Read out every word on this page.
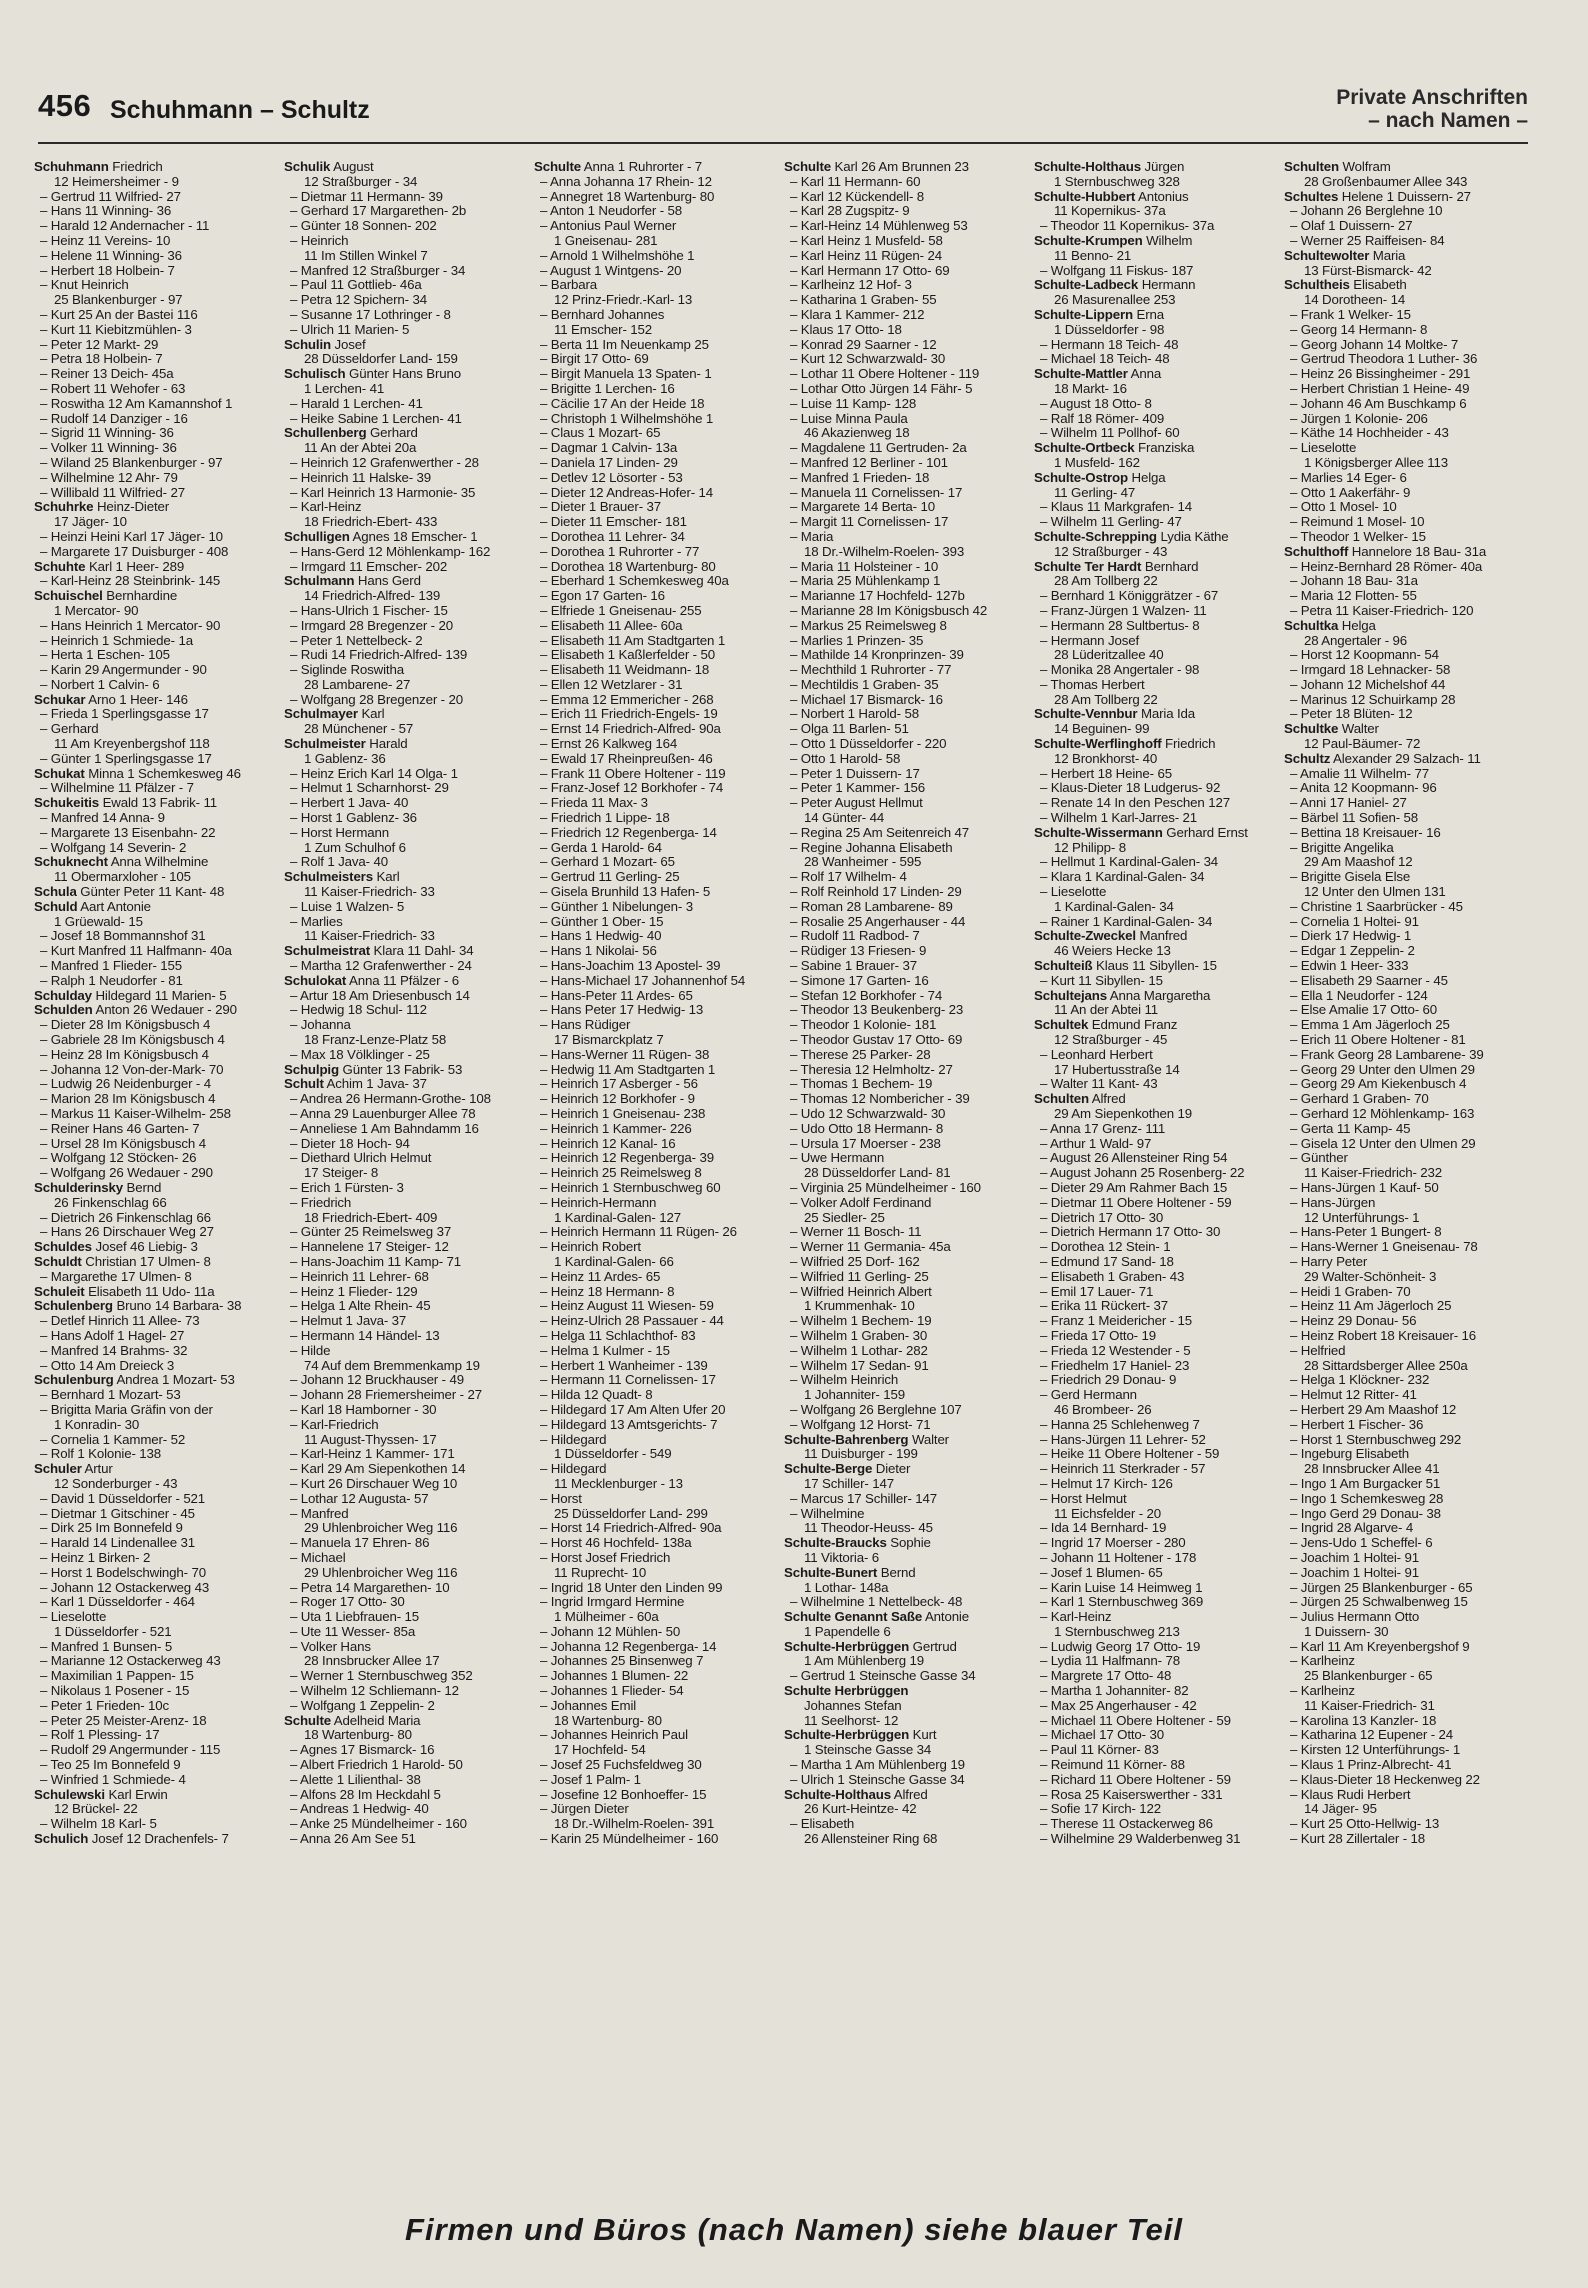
456 Schuhmann – Schultz	Private Anschriften
– nach Namen –
Schuhmann Friedrich
12 Heimersheimer - 9
– Gertrud 11 Wilfried- 27
– Hans 11 Winning- 36
– Harald 12 Andernacher - 11
– Heinz 11 Vereins- 10
– Helene 11 Winning- 36
– Herbert 18 Holbein- 7
– Knut Heinrich
25 Blankenburger - 97
– Kurt 25 An der Bastei 116
– Kurt 11 Kiebitzmühlen- 3
– Peter 12 Markt- 29
– Petra 18 Holbein- 7
– Reiner 13 Deich- 45a
– Robert 11 Wehofer - 63
– Roswitha 12 Am Kamannshof 1
– Rudolf 14 Danziger - 16
– Sigrid 11 Winning- 36
– Volker 11 Winning- 36
– Wiland 25 Blankenburger - 97
– Wilhelmine 12 Ahr- 79
– Willibald 11 Wilfried- 27
Schuhrke Heinz-Dieter
17 Jäger- 10
– Heinzi Heini Karl 17 Jäger- 10
– Margarete 17 Duisburger - 408
Schuhte Karl 1 Heer- 289
– Karl-Heinz 28 Steinbrink- 145
Schuischel Bernhardine
1 Mercator- 90
– Hans Heinrich 1 Mercator- 90
– Heinrich 1 Schmiede- 1a
– Herta 1 Eschen- 105
– Karin 29 Angermunder - 90
– Norbert 1 Calvin- 6
Schukar Arno 1 Heer- 146
– Frieda 1 Sperlingsgasse 17
– Gerhard
11 Am Kreyenbergshof 118
– Günter 1 Sperlingsgasse 17
Schukat Minna 1 Schemkesweg 46
– Wilhelmine 11 Pfälzer - 7
Schukeitis Ewald 13 Fabrik- 11
– Manfred 14 Anna- 9
– Margarete 13 Eisenbahn- 22
– Wolfgang 14 Severin- 2
Schuknecht Anna Wilhelmine
11 Obermarxloher - 105
Schula Günter Peter 11 Kant- 48
Schuld Aart Antonie
1 Grüewald- 15
– Josef 18 Bommannshof 31
– Kurt Manfred 11 Halfmann- 40a
– Manfred 1 Flieder- 155
– Ralph 1 Neudorfer - 81
Schulday Hildegard 11 Marien- 5
Schulden Anton 26 Wedauer - 290
– Dieter 28 Im Königsbusch 4
– Gabriele 28 Im Königsbusch 4
– Heinz 28 Im Königsbusch 4
– Johanna 12 Von-der-Mark- 70
– Ludwig 26 Neidenburger - 4
– Marion 28 Im Königsbusch 4
– Markus 11 Kaiser-Wilhelm- 258
– Reiner Hans 46 Garten- 7
– Ursel 28 Im Königsbusch 4
– Wolfgang 12 Stöcken- 26
– Wolfgang 26 Wedauer - 290
Schulderinsky Bernd
26 Finkenschlag 66
– Dietrich 26 Finkenschlag 66
– Hans 26 Dirschauer Weg 27
Schuldes Josef 46 Liebig- 3
Schuldt Christian 17 Ulmen- 8
– Margarethe 17 Ulmen- 8
Schuleit Elisabeth 11 Udo- 11a
Schulenberg Bruno 14 Barbara- 38
– Detlef Hinrich 11 Allee- 73
– Hans Adolf 1 Hagel- 27
– Manfred 14 Brahms- 32
– Otto 14 Am Dreieck 3
Schulenburg Andrea 1 Mozart- 53
– Bernhard 1 Mozart- 53
– Brigitta Maria Gräfin von der
1 Konradin- 30
– Cornelia 1 Kammer- 52
– Rolf 1 Kolonie- 138
Schuler Artur
12 Sonderburger - 43
– David 1 Düsseldorfer - 521
– Dietmar 1 Gitschiner - 45
– Dirk 25 Im Bonnefeld 9
– Harald 14 Lindenallee 31
– Heinz 1 Birken- 2
– Horst 1 Bodelschwingh- 70
– Johann 12 Ostackerweg 43
– Karl 1 Düsseldorfer - 464
– Lieselotte
1 Düsseldorfer - 521
– Manfred 1 Bunsen- 5
– Marianne 12 Ostackerweg 43
– Maximilian 1 Pappen- 15
– Nikolaus 1 Posener - 15
– Peter 1 Frieden- 10c
– Peter 25 Meister-Arenz- 18
– Rolf 1 Plessing- 17
– Rudolf 29 Angermunder - 115
– Teo 25 Im Bonnefeld 9
– Winfried 1 Schmiede- 4
Schulewski Karl Erwin
12 Brückel- 22
– Wilhelm 18 Karl- 5
Schulich Josef 12 Drachenfels- 7
Schulik August
12 Straßburger - 34
– Dietmar 11 Hermann- 39
– Gerhard 17 Margarethen- 2b
– Günter 18 Sonnen- 202
– Heinrich
11 Im Stillen Winkel 7
– Manfred 12 Straßburger - 34
– Paul 11 Gottlieb- 46a
– Petra 12 Spichern- 34
– Susanne 17 Lothringer - 8
– Ulrich 11 Marien- 5
Schulin Josef
28 Düsseldorfer Land- 159
Schulisch Günter Hans Bruno
1 Lerchen- 41
– Harald 1 Lerchen- 41
– Heike Sabine 1 Lerchen- 41
Schullenberg Gerhard
11 An der Abtei 20a
– Heinrich 12 Grafenwerther - 28
– Heinrich 11 Halske- 39
– Karl Heinrich 13 Harmonie- 35
– Karl-Heinz
18 Friedrich-Ebert- 433
Schulligen Agnes 18 Emscher- 1
– Hans-Gerd 12 Möhlenkamp- 162
– Irmgard 11 Emscher- 202
Schulmann Hans Gerd
14 Friedrich-Alfred- 139
– Hans-Ulrich 1 Fischer- 15
– Irmgard 28 Bregenzer - 20
– Peter 1 Nettelbeck- 2
– Rudi 14 Friedrich-Alfred- 139
– Siglinde Roswitha
28 Lambarene- 27
– Wolfgang 28 Bregenzer - 20
Schulmayer Karl
28 Münchener - 57
Schulmeister Harald
1 Gablenz- 36
– Heinz Erich Karl 14 Olga- 1
– Helmut 1 Scharnhorst- 29
– Herbert 1 Java- 40
– Horst 1 Gablenz- 36
– Horst Hermann
1 Zum Schulhof 6
– Rolf 1 Java- 40
Schulmeisters Karl
11 Kaiser-Friedrich- 33
– Luise 1 Walzen- 5
– Marlies
11 Kaiser-Friedrich- 33
Schulmeistrat Klara 11 Dahl- 34
– Martha 12 Grafenwerther - 24
Schulokat Anna 11 Pfälzer - 6
– Artur 18 Am Driesenbusch 14
– Hedwig 18 Schul- 112
– Johanna
18 Franz-Lenze-Platz 58
– Max 18 Völklinger - 25
Schulpig Günter 13 Fabrik- 53
Schult Achim 1 Java- 37
– Andrea 26 Hermann-Grothe- 108
– Anna 29 Lauenburger Allee 78
– Anneliese 1 Am Bahndamm 16
– Dieter 18 Hoch- 94
– Diethard Ulrich Helmut
17 Steiger- 8
– Erich 1 Fürsten- 3
– Friedrich
18 Friedrich-Ebert- 409
– Günter 25 Reimelsweg 37
– Hannelene 17 Steiger- 12
– Hans-Joachim 11 Kamp- 71
– Heinrich 11 Lehrer- 68
– Heinz 1 Flieder- 129
– Helga 1 Alte Rhein- 45
– Helmut 1 Java- 37
– Hermann 14 Händel- 13
– Hilde
74 Auf dem Bremmenkamp 19
– Johann 12 Bruckhauser - 49
– Johann 28 Friemersheimer - 27
– Karl 18 Hamborner - 30
– Karl-Friedrich
11 August-Thyssen- 17
– Karl-Heinz 1 Kammer- 171
– Karl 29 Am Siepenkothen 14
– Kurt 26 Dirschauer Weg 10
– Lothar 12 Augusta- 57
– Manfred
29 Uhlenbroicher Weg 116
– Manuela 17 Ehren- 86
– Michael
29 Uhlenbroicher Weg 116
– Petra 14 Margarethen- 10
– Roger 17 Otto- 30
– Uta 1 Liebfrauen- 15
– Ute 11 Wesser- 85a
– Volker Hans
28 Innsbrucker Allee 17
– Werner 1 Sternbuschweg 352
– Wilhelm 12 Schliemann- 12
– Wolfgang 1 Zeppelin- 2
Schulte Adelheid Maria
18 Wartenburg- 80
– Agnes 17 Bismarck- 16
– Albert Friedrich 1 Harold- 50
– Alette 1 Lilienthal- 38
– Alfons 28 Im Heckdahl 5
– Andreas 1 Hedwig- 40
– Anke 25 Mündelheimer - 160
– Anna 26 Am See 51
Schulte Anna 1 Ruhrorter - 7
– Anna Johanna 17 Rhein- 12
– Annegret 18 Wartenburg- 80
– Anton 1 Neudorfer - 58
– Antonius Paul Werner
1 Gneisenau- 281
– Arnold 1 Wilhelmshöhe 1
– August 1 Wintgens- 20
– Barbara
12 Prinz-Friedr.-Karl- 13
– Bernhard Johannes
11 Emscher- 152
– Berta 11 Im Neuenkamp 25
– Birgit 17 Otto- 69
– Birgit Manuela 13 Spaten- 1
– Brigitte 1 Lerchen- 16
– Cäcilie 17 An der Heide 18
– Christoph 1 Wilhelmshöhe 1
– Claus 1 Mozart- 65
– Dagmar 1 Calvin- 13a
– Daniela 17 Linden- 29
– Detlev 12 Lösorter - 53
– Dieter 12 Andreas-Hofer- 14
– Dieter 1 Brauer- 37
– Dieter 11 Emscher- 181
– Dorothea 11 Lehrer- 34
– Dorothea 1 Ruhrorter - 77
– Dorothea 18 Wartenburg- 80
– Eberhard 1 Schemkesweg 40a
– Egon 17 Garten- 16
– Elfriede 1 Gneisenau- 255
– Elisabeth 11 Allee- 60a
– Elisabeth 11 Am Stadtgarten 1
– Elisabeth 1 Kaßlerfelder - 50
– Elisabeth 11 Weidmann- 18
– Ellen 12 Wetzlarer - 31
– Emma 12 Emmericher - 268
– Erich 11 Friedrich-Engels- 19
– Ernst 14 Friedrich-Alfred- 90a
– Ernst 26 Kalkweg 164
– Ewald 17 Rheinpreußen- 46
– Frank 11 Obere Holtener - 119
– Franz-Josef 12 Borkhofer - 74
– Frieda 11 Max- 3
– Friedrich 1 Lippe- 18
– Friedrich 12 Regenberga- 14
– Gerda 1 Harold- 64
– Gerhard 1 Mozart- 65
– Gertrud 11 Gerling- 25
– Gisela Brunhild 13 Hafen- 5
– Günther 1 Nibelungen- 3
– Günther 1 Ober- 15
– Hans 1 Hedwig- 40
– Hans 1 Nikolai- 56
– Hans-Joachim 13 Apostel- 39
– Hans-Michael 17 Johannenhof 54
– Hans-Peter 11 Ardes- 65
– Hans Peter 17 Hedwig- 13
– Hans Rüdiger
17 Bismarckplatz 7
– Hans-Werner 11 Rügen- 38
– Hedwig 11 Am Stadtgarten 1
– Heinrich 17 Asberger - 56
– Heinrich 12 Borkhofer - 9
– Heinrich 1 Gneisenau- 238
– Heinrich 1 Kammer- 226
– Heinrich 12 Kanal- 16
– Heinrich 12 Regenberga- 39
– Heinrich 25 Reimelsweg 8
– Heinrich 1 Sternbuschweg 60
– Heinrich-Hermann
1 Kardinal-Galen- 127
– Heinrich Hermann 11 Rügen- 26
– Heinrich Robert
1 Kardinal-Galen- 66
– Heinz 11 Ardes- 65
– Heinz 18 Hermann- 8
– Heinz August 11 Wiesen- 59
– Heinz-Ulrich 28 Passauer - 44
– Helga 11 Schlachthof- 83
– Helma 1 Kulmer - 15
– Herbert 1 Wanheimer - 139
– Hermann 11 Cornelissen- 17
– Hilda 12 Quadt- 8
– Hildegard 17 Am Alten Ufer 20
– Hildegard 13 Amtsgerichts- 7
– Hildegard
1 Düsseldorfer - 549
– Hildegard
11 Mecklenburger - 13
– Horst
25 Düsseldorfer Land- 299
– Horst 14 Friedrich-Alfred- 90a
– Horst 46 Hochfeld- 138a
– Horst Josef Friedrich
11 Ruprecht- 10
– Ingrid 18 Unter den Linden 99
– Ingrid Irmgard Hermine
1 Mülheimer - 60a
– Johann 12 Mühlen- 50
– Johanna 12 Regenberga- 14
– Johannes 25 Binsenweg 7
– Johannes 1 Blumen- 22
– Johannes 1 Flieder- 54
– Johannes Emil
18 Wartenburg- 80
– Johannes Heinrich Paul
17 Hochfeld- 54
– Josef 25 Fuchsfeldweg 30
– Josef 1 Palm- 1
– Josefine 12 Bonhoeffer- 15
– Jürgen Dieter
18 Dr.-Wilhelm-Roelen- 391
– Karin 25 Mündelheimer - 160
Schulte Karl 26 Am Brunnen 23
– Karl 11 Hermann- 60
– Karl 12 Kückendell- 8
– Karl 28 Zugspitz- 9
– Karl-Heinz 14 Mühlenweg 53
– Karl Heinz 1 Musfeld- 58
– Karl Heinz 11 Rügen- 24
– Karl Hermann 17 Otto- 69
– Karlheinz 12 Hof- 3
– Katharina 1 Graben- 55
– Klara 1 Kammer- 212
– Klaus 17 Otto- 18
– Konrad 29 Saarner - 12
– Kurt 12 Schwarzwald- 30
– Lothar 11 Obere Holtener - 119
– Lothar Otto Jürgen 14 Fähr- 5
– Luise 11 Kamp- 128
– Luise Minna Paula
46 Akazienweg 18
– Magdalene 11 Gertruden- 2a
– Manfred 12 Berliner - 101
– Manfred 1 Frieden- 18
– Manuela 11 Cornelissen- 17
– Margarete 14 Berta- 10
– Margit 11 Cornelissen- 17
– Maria
18 Dr.-Wilhelm-Roelen- 393
– Maria 11 Holsteiner - 10
– Maria 25 Mühlenkamp 1
– Marianne 17 Hochfeld- 127b
– Marianne 28 Im Königsbusch 42
– Markus 25 Reimelsweg 8
– Marlies 1 Prinzen- 35
– Mathilde 14 Kronprinzen- 39
– Mechthild 1 Ruhrorter - 77
– Mechtildis 1 Graben- 35
– Michael 17 Bismarck- 16
– Norbert 1 Harold- 58
– Olga 11 Barlen- 51
– Otto 1 Düsseldorfer - 220
– Otto 1 Harold- 58
– Peter 1 Duissern- 17
– Peter 1 Kammer- 156
– Peter August Hellmut
14 Günter- 44
– Regina 25 Am Seitenreich 47
– Regine Johanna Elisabeth
28 Wanheimer - 595
– Rolf 17 Wilhelm- 4
– Rolf Reinhold 17 Linden- 29
– Roman 28 Lambarene- 89
– Rosalie 25 Angerhauser - 44
– Rudolf 11 Radbod- 7
– Rüdiger 13 Friesen- 9
– Sabine 1 Brauer- 37
– Simone 17 Garten- 16
– Stefan 12 Borkhofer - 74
– Theodor 13 Beukenberg- 23
– Theodor 1 Kolonie- 181
– Theodor Gustav 17 Otto- 69
– Therese 25 Parker- 28
– Theresia 12 Helmholtz- 27
– Thomas 1 Bechem- 19
– Thomas 12 Nombericher - 39
– Udo 12 Schwarzwald- 30
– Udo Otto 18 Hermann- 8
– Ursula 17 Moerser - 238
– Uwe Hermann
28 Düsseldorfer Land- 81
– Virginia 25 Mündelheimer - 160
– Volker Adolf Ferdinand
25 Siedler- 25
– Werner 11 Bosch- 11
– Werner 11 Germania- 45a
– Wilfried 25 Dorf- 162
– Wilfried 11 Gerling- 25
– Wilfried Heinrich Albert
1 Krummenhak- 10
– Wilhelm 1 Bechem- 19
– Wilhelm 1 Graben- 30
– Wilhelm 1 Lothar- 282
– Wilhelm 17 Sedan- 91
– Wilhelm Heinrich
1 Johanniter- 159
– Wolfgang 26 Berglehne 107
– Wolfgang 12 Horst- 71
Schulte-Bahrenberg Walter
11 Duisburger - 199
Schulte-Berge Dieter
17 Schiller- 147
– Marcus 17 Schiller- 147
– Wilhelmine
11 Theodor-Heuss- 45
Schulte-Braucks Sophie
11 Viktoria- 6
Schulte-Bunert Bernd
1 Lothar- 148a
– Wilhelmine 1 Nettelbeck- 48
Schulte Genannt Saße Antonie
1 Papendelle 6
Schulte-Herbrüggen Gertrud
1 Am Mühlenberg 19
– Gertrud 1 Steinsche Gasse 34
Schulte Herbrüggen
Johannes Stefan
11 Seelhorst- 12
Schulte-Herbrüggen Kurt
1 Steinsche Gasse 34
– Martha 1 Am Mühlenberg 19
– Ulrich 1 Steinsche Gasse 34
Schulte-Holthaus Alfred
26 Kurt-Heintze- 42
– Elisabeth
26 Allensteiner Ring 68
Schulte-Holthaus Jürgen
1 Sternbuschweg 328
Schulte-Hubbert Antonius
11 Kopernikus- 37a
– Theodor 11 Kopernikus- 37a
Schulte-Krumpen Wilhelm
11 Benno- 21
– Wolfgang 11 Fiskus- 187
Schulte-Ladbeck Hermann
26 Masurenallee 253
Schulte-Lippern Erna
1 Düsseldorfer - 98
– Hermann 18 Teich- 48
– Michael 18 Teich- 48
Schulte-Mattler Anna
18 Markt- 16
– August 18 Otto- 8
– Ralf 18 Römer- 409
– Wilhelm 11 Pollhof- 60
Schulte-Ortbeck Franziska
1 Musfeld- 162
Schulte-Ostrop Helga
11 Gerling- 47
– Klaus 11 Markgrafen- 14
– Wilhelm 11 Gerling- 47
Schulte-Schrepping Lydia Käthe
12 Straßburger - 43
Schulte Ter Hardt Bernhard
28 Am Tollberg 22
– Bernhard 1 Königgrätzer - 67
– Franz-Jürgen 1 Walzen- 11
– Hermann 28 Sultbertus- 8
– Hermann Josef
28 Lüderitzallee 40
– Monika 28 Angertaler - 98
– Thomas Herbert
28 Am Tollberg 22
Schulte-Vennbur Maria Ida
14 Beguinen- 99
Schulte-Werflinghoff Friedrich
12 Bronkhorst- 40
– Herbert 18 Heine- 65
– Klaus-Dieter 18 Ludgerus- 92
– Renate 14 In den Peschen 127
– Wilhelm 1 Karl-Jarres- 21
Schulte-Wissermann Gerhard Ernst
12 Philipp- 8
– Hellmut 1 Kardinal-Galen- 34
– Klara 1 Kardinal-Galen- 34
– Lieselotte
1 Kardinal-Galen- 34
– Rainer 1 Kardinal-Galen- 34
Schulte-Zweckel Manfred
46 Weiers Hecke 13
Schulteiß Klaus 11 Sibyllen- 15
– Kurt 11 Sibyllen- 15
Schultejans Anna Margaretha
11 An der Abtei 11
Schultek Edmund Franz
12 Straßburger - 45
– Leonhard Herbert
17 Hubertusstraße 14
– Walter 11 Kant- 43
Schulten Alfred
29 Am Siepenkothen 19
– Anna 17 Grenz- 111
– Arthur 1 Wald- 97
– August 26 Allensteiner Ring 54
– August Johann 25 Rosenberg- 22
– Dieter 29 Am Rahmer Bach 15
– Dietmar 11 Obere Holtener - 59
– Dietrich 17 Otto- 30
– Dietrich Hermann 17 Otto- 30
– Dorothea 12 Stein- 1
– Edmund 17 Sand- 18
– Elisabeth 1 Graben- 43
– Emil 17 Lauer- 71
– Erika 11 Rückert- 37
– Franz 1 Meidericher - 15
– Frieda 17 Otto- 19
– Frieda 12 Westender - 5
– Friedhelm 17 Haniel- 23
– Friedrich 29 Donau- 9
– Gerd Hermann
46 Brombeer- 26
– Hanna 25 Schlehenweg 7
– Hans-Jürgen 11 Lehrer- 52
– Heike 11 Obere Holtener - 59
– Heinrich 11 Sterkrader - 57
– Helmut 17 Kirch- 126
– Horst Helmut
11 Eichsfelder - 20
– Ida 14 Bernhard- 19
– Ingrid 17 Moerser - 280
– Johann 11 Holtener - 178
– Josef 1 Blumen- 65
– Karin Luise 14 Heimweg 1
– Karl 1 Sternbuschweg 369
– Karl-Heinz
1 Sternbuschweg 213
– Ludwig Georg 17 Otto- 19
– Lydia 11 Halfmann- 78
– Margrete 17 Otto- 48
– Martha 1 Johanniter- 82
– Max 25 Angerhauser - 42
– Michael 11 Obere Holtener - 59
– Michael 17 Otto- 30
– Paul 11 Körner- 83
– Reimund 11 Körner- 88
– Richard 11 Obere Holtener - 59
– Rosa 25 Kaiserswerther - 331
– Sofie 17 Kirch- 122
– Therese 11 Ostackerweg 86
– Wilhelmine 29 Walderbenweg 31
Schulten Wolfram
28 Großenbaumer Allee 343
Schultes Helene 1 Duissern- 27
– Johann 26 Berglehne 10
– Olaf 1 Duissern- 27
– Werner 25 Raiffeisen- 84
Schultewolter Maria
13 Fürst-Bismarck- 42
Schultheis Elisabeth
14 Dorotheen- 14
– Frank 1 Welker- 15
– Georg 14 Hermann- 8
– Georg Johann 14 Moltke- 7
– Gertrud Theodora 1 Luther- 36
– Heinz 26 Bissingheimer - 291
– Herbert Christian 1 Heine- 49
– Johann 46 Am Buschkamp 6
– Jürgen 1 Kolonie- 206
– Käthe 14 Hochheider - 43
– Lieselotte
1 Königsberger Allee 113
– Marlies 14 Eger- 6
– Otto 1 Aakerfähr- 9
– Otto 1 Mosel- 10
– Reimund 1 Mosel- 10
– Theodor 1 Welker- 15
Schulthoff Hannelore 18 Bau- 31a
– Heinz-Bernhard 28 Römer- 40a
– Johann 18 Bau- 31a
– Maria 12 Flotten- 55
– Petra 11 Kaiser-Friedrich- 120
Schultka Helga
28 Angertaler - 96
– Horst 12 Koopmann- 54
– Irmgard 18 Lehnacker- 58
– Johann 12 Michelshof 44
– Marinus 12 Schuirkamp 28
– Peter 18 Blüten- 12
Schultke Walter
12 Paul-Bäumer- 72
Schultz Alexander 29 Salzach- 11
– Amalie 11 Wilhelm- 77
– Anita 12 Koopmann- 96
– Anni 17 Haniel- 27
– Bärbel 11 Sofien- 58
– Bettina 18 Kreisauer- 16
– Brigitte Angelika
29 Am Maashof 12
– Brigitte Gisela Else
12 Unter den Ulmen 131
– Christine 1 Saarbrücker - 45
– Cornelia 1 Holtei- 91
– Dierk 17 Hedwig- 1
– Edgar 1 Zeppelin- 2
– Edwin 1 Heer- 333
– Elisabeth 29 Saarner - 45
– Ella 1 Neudorfer - 124
– Else Amalie 17 Otto- 60
– Emma 1 Am Jägerloch 25
– Erich 11 Obere Holtener - 81
– Frank Georg 28 Lambarene- 39
– Georg 29 Unter den Ulmen 29
– Georg 29 Am Kiekenbusch 4
– Gerhard 1 Graben- 70
– Gerhard 12 Möhlenkamp- 163
– Gerta 11 Kamp- 45
– Gisela 12 Unter den Ulmen 29
– Günther
11 Kaiser-Friedrich- 232
– Hans-Jürgen 1 Kauf- 50
– Hans-Jürgen
12 Unterführungs- 1
– Hans-Peter 1 Bungert- 8
– Hans-Werner 1 Gneisenau- 78
– Harry Peter
29 Walter-Schönheit- 3
– Heidi 1 Graben- 70
– Heinz 11 Am Jägerloch 25
– Heinz 29 Donau- 56
– Heinz Robert 18 Kreisauer- 16
– Helfried
28 Sittardsberger Allee 250a
– Helga 1 Klöckner- 232
– Helmut 12 Ritter- 41
– Herbert 29 Am Maashof 12
– Herbert 1 Fischer- 36
– Horst 1 Sternbuschweg 292
– Ingeburg Elisabeth
28 Innsbrucker Allee 41
– Ingo 1 Am Burgacker 51
– Ingo 1 Schemkesweg 28
– Ingo Gerd 29 Donau- 38
– Ingrid 28 Algarve- 4
– Jens-Udo 1 Scheffel- 6
– Joachim 1 Holtei- 91
– Joachim 1 Holtei- 91
– Jürgen 25 Blankenburger - 65
– Jürgen 25 Schwalbenweg 15
– Julius Hermann Otto
1 Duissern- 30
– Karl 11 Am Kreyenbergshof 9
– Karlheinz
25 Blankenburger - 65
– Karlheinz
11 Kaiser-Friedrich- 31
– Karolina 13 Kanzler- 18
– Katharina 12 Eupener - 24
– Kirsten 12 Unterführungs- 1
– Klaus 1 Prinz-Albrecht- 41
– Klaus-Dieter 18 Heckenweg 22
– Klaus Rudi Herbert
14 Jäger- 95
– Kurt 25 Otto-Hellwig- 13
– Kurt 28 Zillertaler - 18
Firmen und Büros (nach Namen) siehe blauer Teil
